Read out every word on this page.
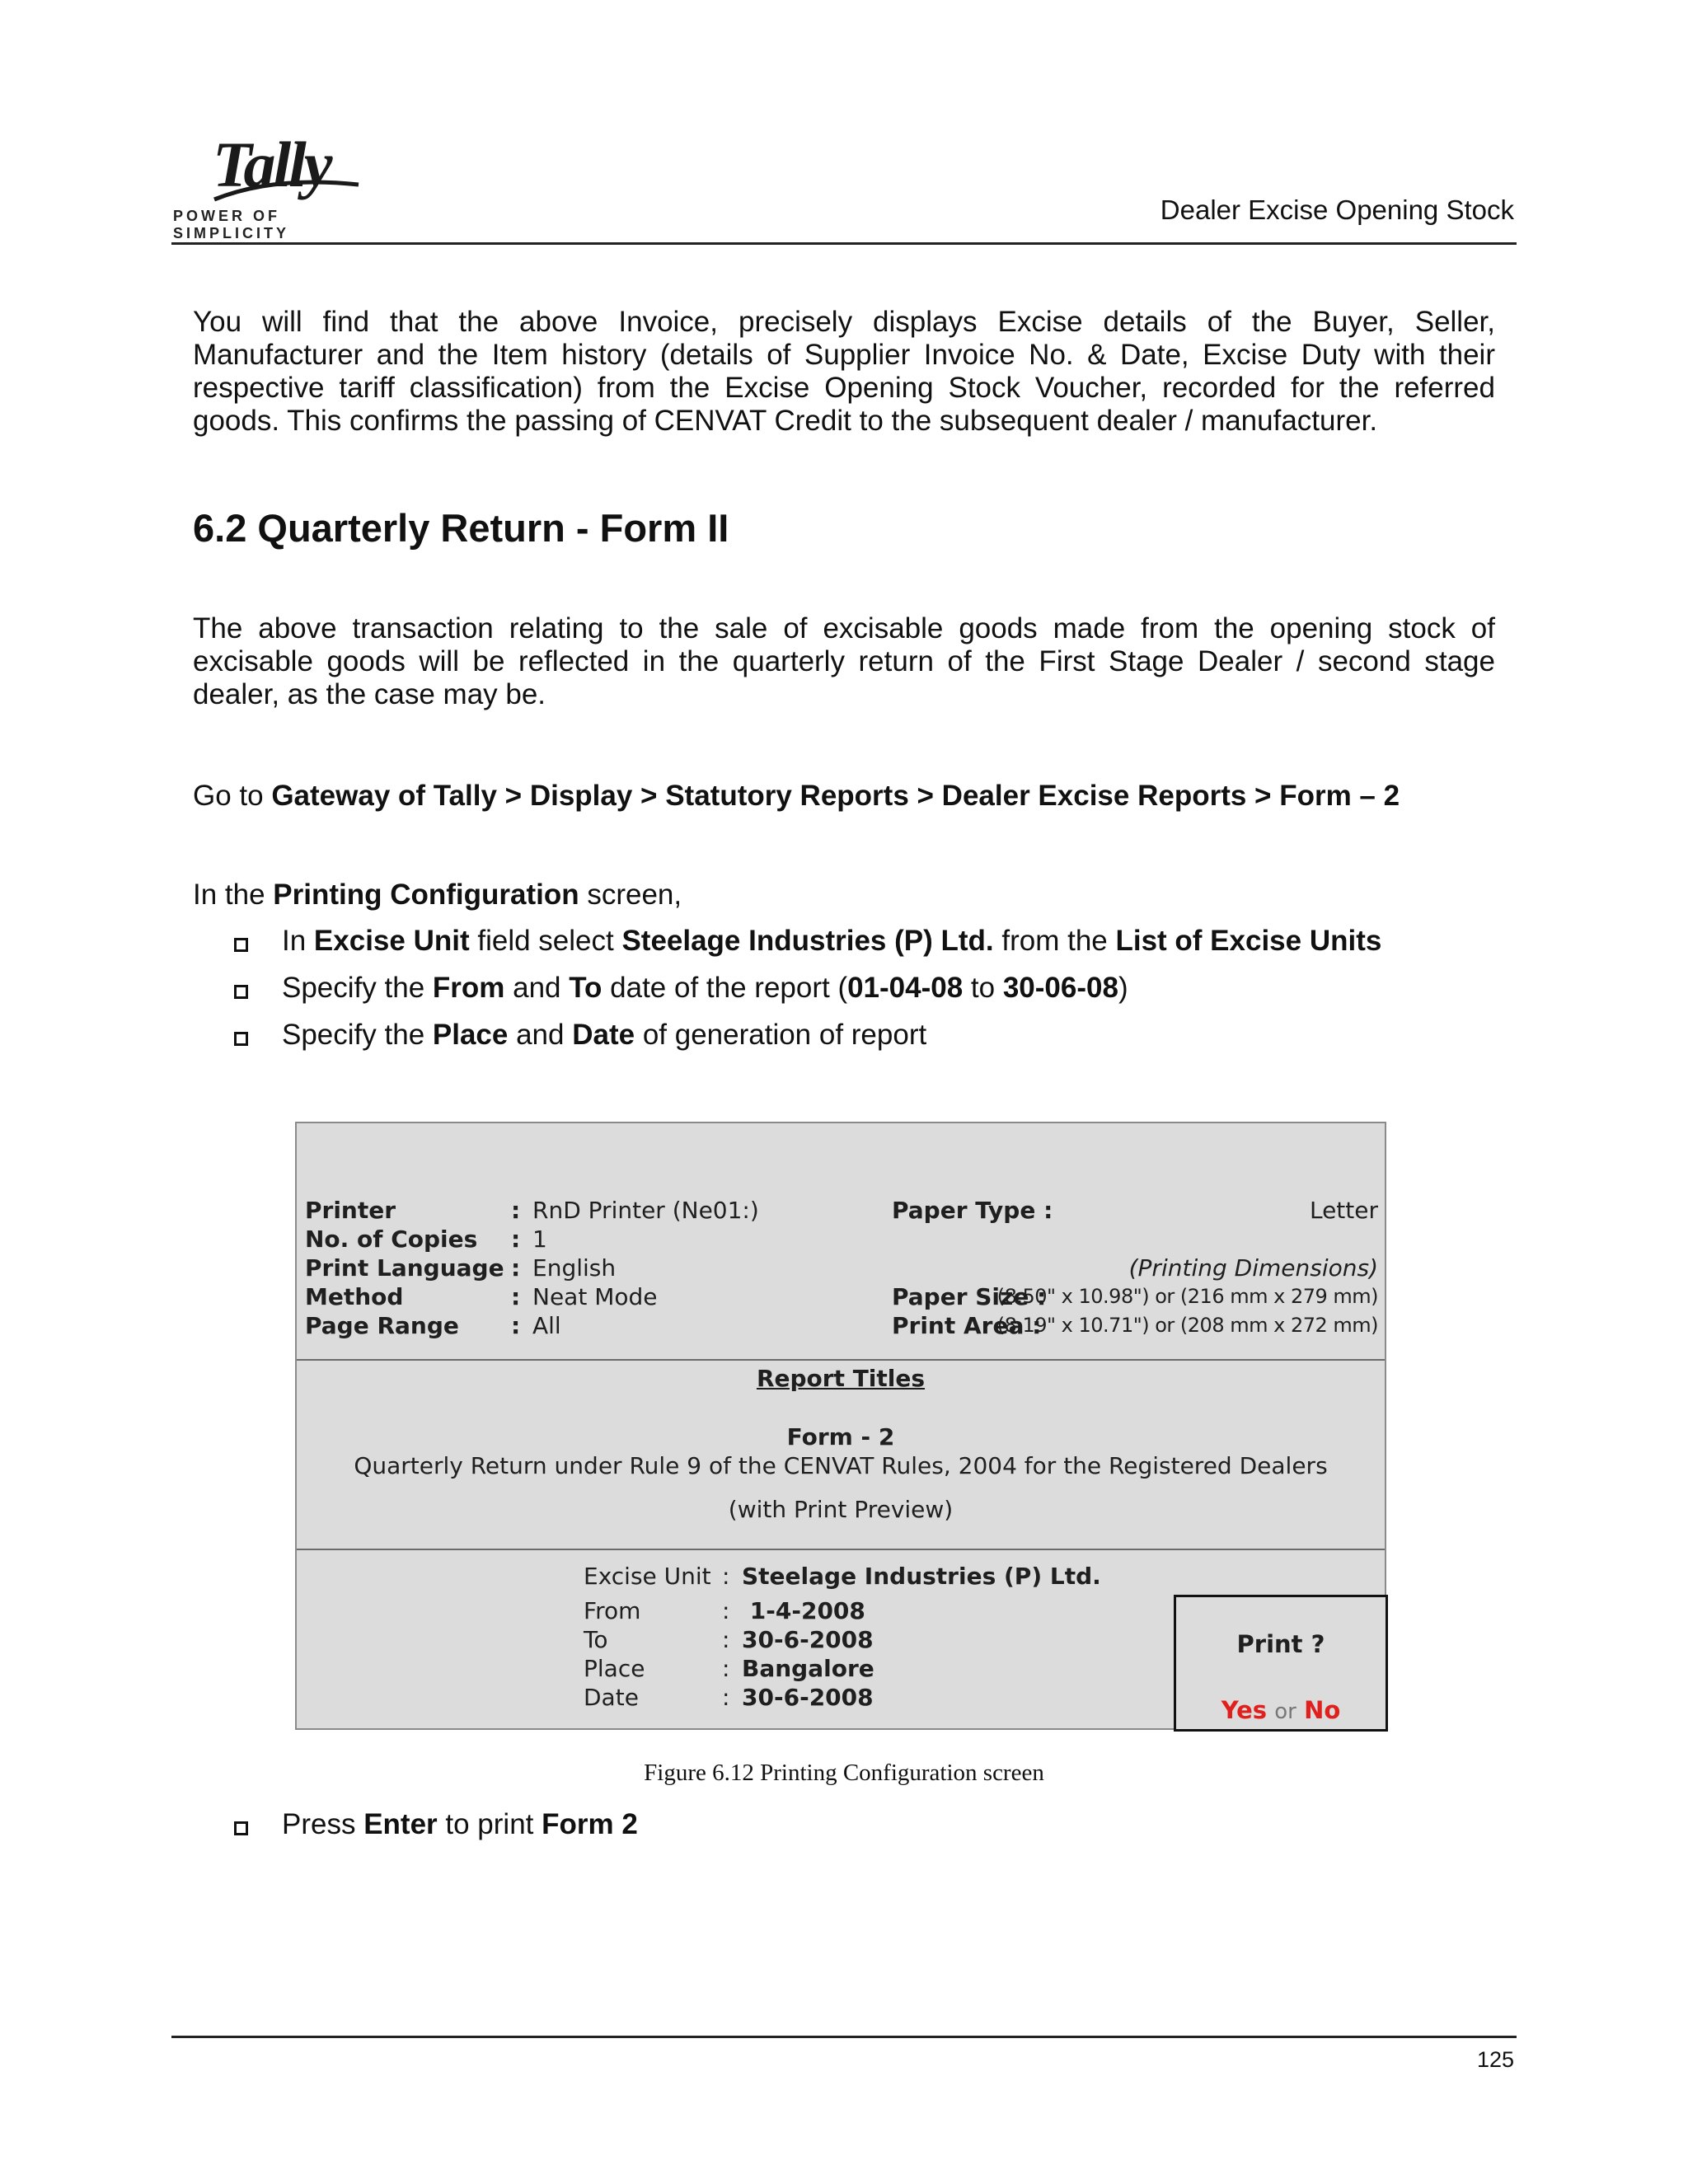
Tally
POWER OF SIMPLICITY
Dealer Excise Opening Stock

You will find that the above Invoice, precisely displays Excise details of the Buyer, Seller, Manufacturer and the Item history (details of Supplier Invoice No. & Date, Excise Duty with their respective tariff classification) from the Excise Opening Stock Voucher, recorded for the referred goods. This confirms the passing of CENVAT Credit to the subsequent dealer / manufacturer.

6.2 Quarterly Return - Form II

The above transaction relating to the sale of excisable goods made from the opening stock of excisable goods will be reflected in the quarterly return of the First Stage Dealer / second stage dealer, as the case may be.

Go to Gateway of Tally > Display > Statutory Reports > Dealer Excise Reports > Form – 2

In the Printing Configuration screen,

In Excise Unit field select Steelage Industries (P) Ltd. from the List of Excise Units
Specify the From and To date of the report (01-04-08 to 30-06-08)
Specify the Place and Date of generation of report
Printer	: RnD Printer (Ne01:)
No. of Copies : 1
Print Language : English
Method	: Neat Mode
Page Range : All
Paper Type :	Letter
(Printing Dimensions)
Paper Size :
(8.50" x 10.98") or (216 mm x 279 mm)
Print Area :
(8.19" x 10.71") or (208 mm x 272 mm)
Report Titles
Form - 2
Quarterly Return under Rule 9 of the CENVAT Rules, 2004 for the Registered Dealers
(with Print Preview)
Excise Unit : Steelage Industries (P) Ltd.
From	: 1-4-2008
To	: 30-6-2008
Place	: Bangalore
Date	: 30-6-2008
Print ?
Yes or No
Figure 6.12 Printing Configuration screen
Press Enter to print Form 2
125
